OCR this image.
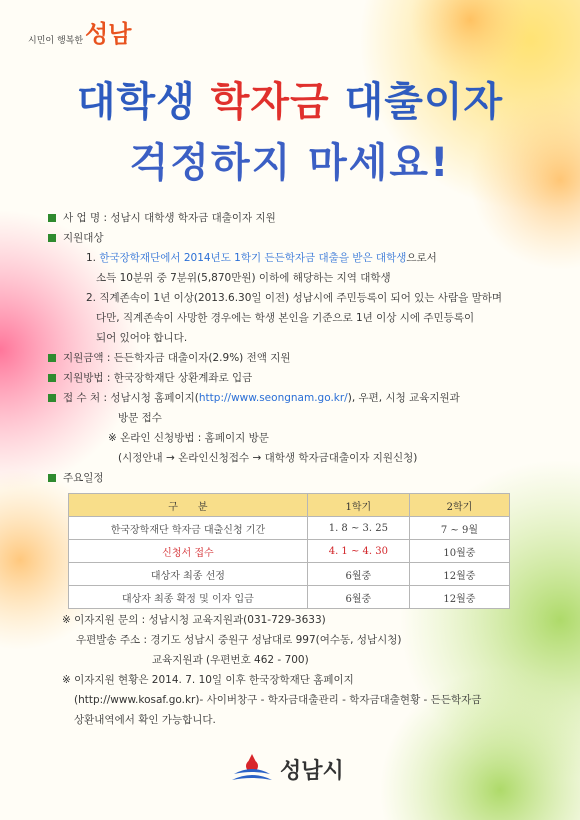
시민이 행복한 성남
대학생 학자금 대출이자
걱정하지 마세요!
사 업 명 : 성남시 대학생 학자금 대출이자 지원
지원대상
1. 한국장학재단에서 2014년도 1학기 든든학자금 대출을 받은 대학생으로서
소득 10분위 중 7분위(5,870만원) 이하에 해당하는 지역 대학생
2. 직계존속이 1년 이상(2013.6.30일 이전) 성남시에 주민등록이 되어 있는 사람을 말하며
다만, 직계존속이 사망한 경우에는 학생 본인을 기준으로 1년 이상 시에 주민등록이
되어 있어야 합니다.
지원금액 : 든든학자금 대출이자(2.9%) 전액 지원
지원방법 : 한국장학재단 상환계좌로 입금
접 수 처 : 성남시청 홈페이지( http://www.seongnam.go.kr/ ), 우편, 시청 교육지원과
방문 접수
※ 온라인 신청방법 : 홈페이지 방문
(시정안내 → 온라인신청접수 → 대학생 학자금대출이자 지원신청)
주요일정
구　　분	1학기	2학기
한국장학재단 학자금 대출신청 기간	1. 8 ~ 3. 25	7 ~ 9월
신청서 접수	4. 1 ~ 4. 30	10월중
대상자 최종 선정	6월중	12월중
대상자 최종 확정 및 이자 입금	6월중	12월중
※ 이자지원 문의 : 성남시청 교육지원과(031-729-3633)
우편발송 주소 : 경기도 성남시 중원구 성남대로 997(여수동, 성남시청)
교육지원과 (우편번호 462 - 700)
※ 이자지원 현황은 2014. 7. 10일 이후 한국장학재단 홈페이지
(http://www.kosaf.go.kr)- 사이버창구 - 학자금대출관리 - 학자금대출현황 - 든든학자금
상환내역에서 확인 가능합니다.
성남시
